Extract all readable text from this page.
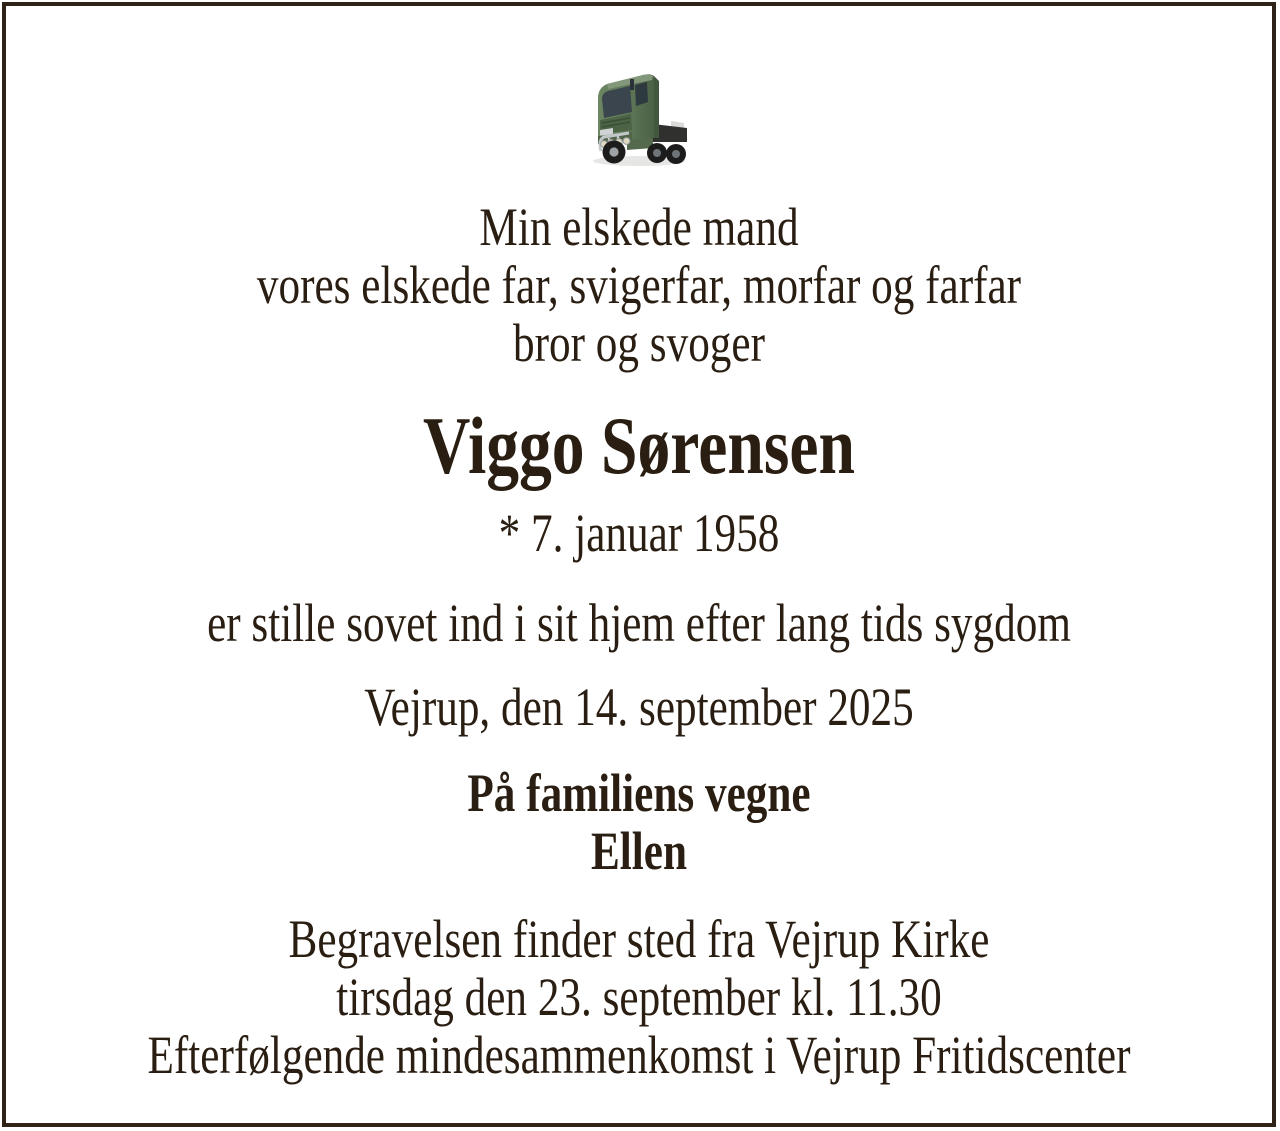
Min elskede mand
vores elskede far, svigerfar, morfar og farfar
bror og svoger
Viggo Sørensen
* 7. januar 1958
er stille sovet ind i sit hjem efter lang tids sygdom
Vejrup, den 14. september 2025
På familiens vegne
Ellen
Begravelsen finder sted fra Vejrup Kirke
tirsdag den 23. september kl. 11.30
Efterfølgende mindesammenkomst i Vejrup Fritidscenter
